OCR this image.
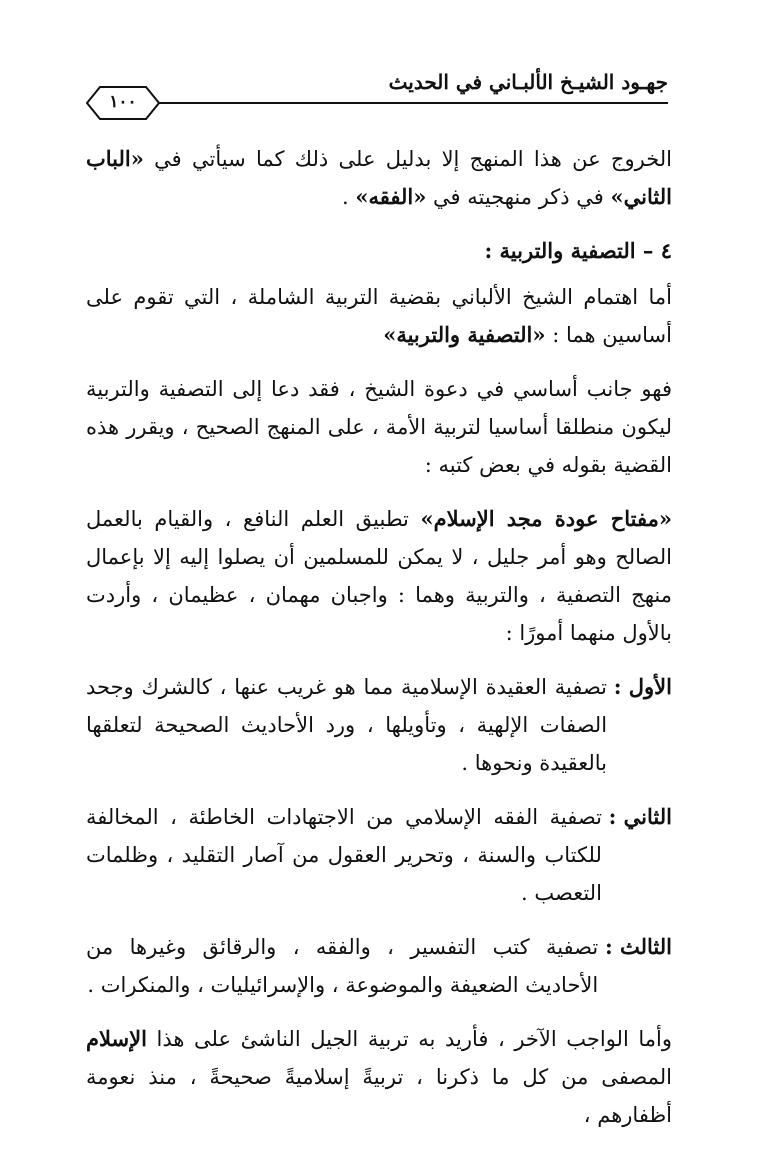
جهـود الشيـخ الألبـاني في الحديث
١٠٠

الخروج عن هذا المنهج إلا بدليل على ذلك كما سيأتي في «الباب الثاني» في ذكر منهجيته في «الفقه» .

٤ – التصفية والتربية :

أما اهتمام الشيخ الألباني بقضية التربية الشاملة ، التي تقوم على أساسين هما : «التصفية والتربية»

فهو جانب أساسي في دعوة الشيخ ، فقد دعا إلى التصفية والتربية ليكون منطلقا أساسيا لتربية الأمة ، على المنهج الصحيح ، ويقرر هذه القضية بقوله في بعض كتبه :

«مفتاح عودة مجد الإسلام» تطبيق العلم النافع ، والقيام بالعمل الصالح وهو أمر جليل ، لا يمكن للمسلمين أن يصلوا إليه إلا بإعمال منهج التصفية ، والتربية وهما : واجبان مهمان ، عظيمان ، وأردت بالأول منهما أمورًا :

الأول :

تصفية العقيدة الإسلامية مما هو غريب عنها ، كالشرك وجحد الصفات الإلهية ، وتأويلها ، ورد الأحاديث الصحيحة لتعلقها بالعقيدة ونحوها .

الثاني :

تصفية الفقه الإسلامي من الاجتهادات الخاطئة ، المخالفة للكتاب والسنة ، وتحرير العقول من آصار التقليد ، وظلمات التعصب .

الثالث :

تصفية كتب التفسير ، والفقه ، والرقائق وغيرها من الأحاديث الضعيفة والموضوعة ، والإسرائيليات ، والمنكرات .

وأما الواجب الآخر ، فأريد به تربية الجيل الناشئ على هذا الإسلام المصفى من كل ما ذكرنا ، تربيةً إسلاميةً صحيحةً ، منذ نعومة أظفارهم ،
